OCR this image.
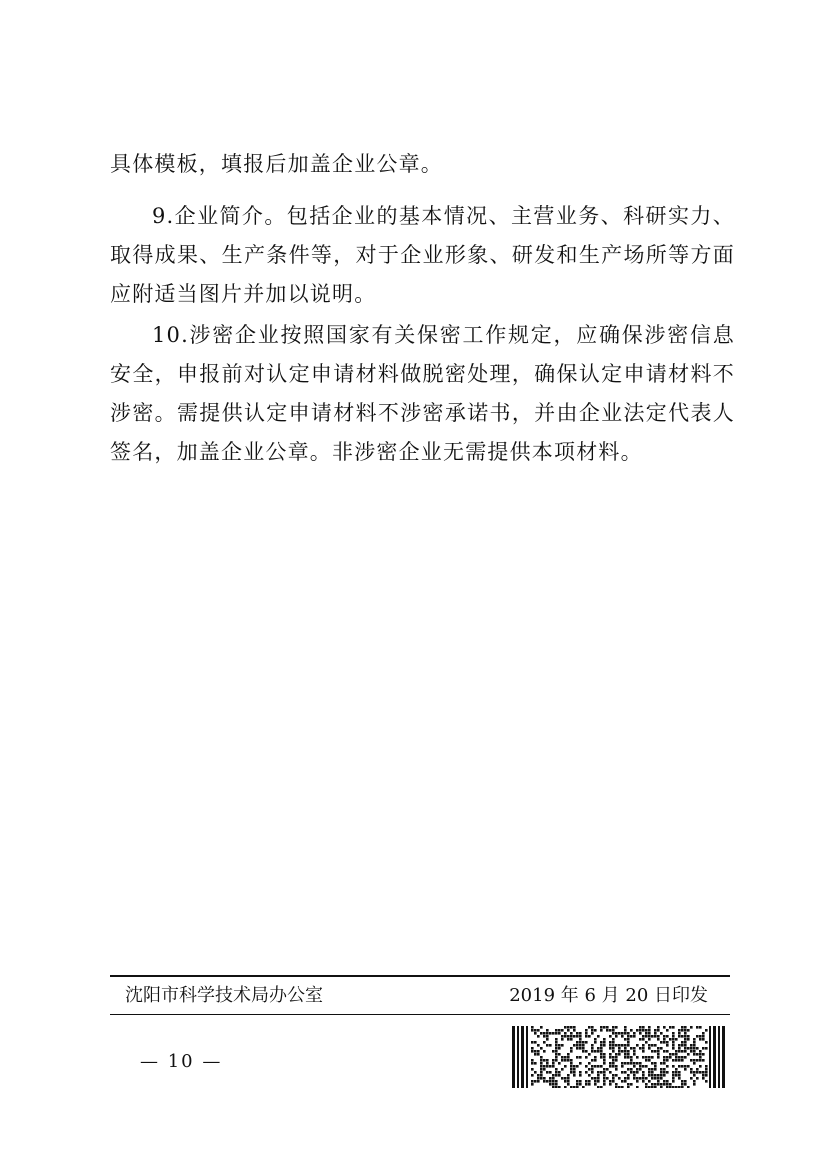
具体模板，填报后加盖企业公章。

9.企业简介。包括企业的基本情况、主营业务、科研实力、取得成果、生产条件等，对于企业形象、研发和生产场所等方面应附适当图片并加以说明。

10.涉密企业按照国家有关保密工作规定，应确保涉密信息安全，申报前对认定申请材料做脱密处理，确保认定申请材料不涉密。需提供认定申请材料不涉密承诺书，并由企业法定代表人签名，加盖企业公章。非涉密企业无需提供本项材料。

沈阳市科学技术局办公室	2019 年 6 月 20 日印发
— 10 —
